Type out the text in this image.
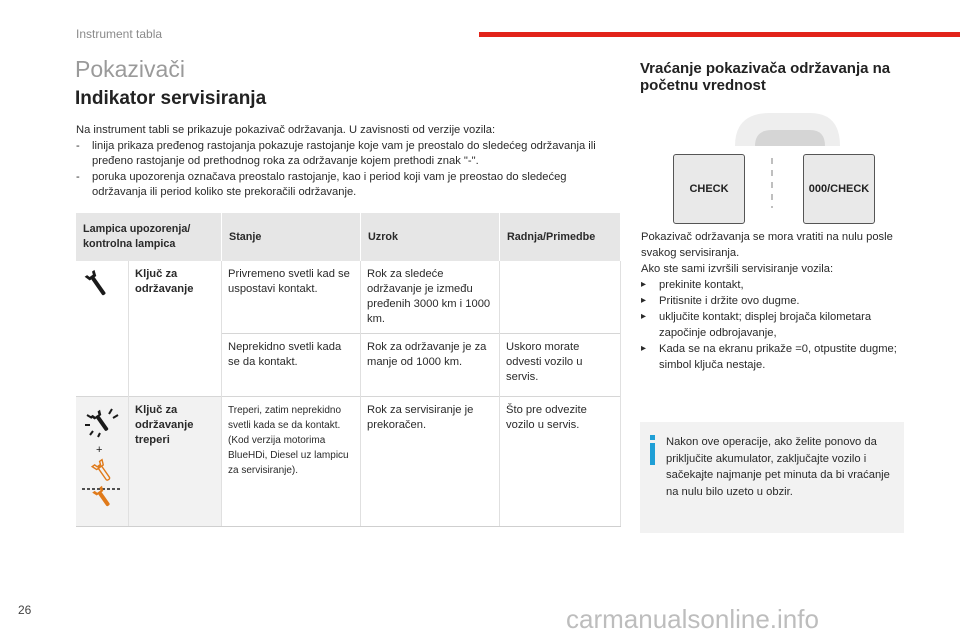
Instrument tabla
Pokazivači
Indikator servisiranja
Na instrument tabli se prikazuje pokazivač održavanja. U zavisnosti od verzije vozila:
-	linija prikaza pređenog rastojanja pokazuje rastojanje koje vam je preostalo do sledećeg održavanja ili pređeno rastojanje od prethodnog roka za održavanje kojem prethodi znak "-".
-	poruka upozorenja označava preostalo rastojanje, kao i period koji vam je preostao do sledećeg održavanja ili period koliko ste prekoračili održavanje.
Lampica upozorenja/ kontrolna lampica		Stanje	Uzrok	Radnja/Primedbe
	Ključ za održavanje	Privremeno svetli kad se uspostavi kontakt.	Rok za sledeće održavanje je između pređenih 3000 km i 1000 km.	
		Neprekidno svetli kada se da kontakt.	Rok za održavanje je za manje od 1000 km.	Uskoro morate odvesti vozilo u servis.

+	Ključ za održavanje treperi	Treperi, zatim neprekidno svetli kada se da kontakt. (Kod verzija motorima BlueHDi, Diesel uz lampicu za servisiranje).	Rok za servisiranje je prekoračen.	Što pre odvezite vozilo u servis.
Vraćanje pokazivača održavanja na početnu vrednost
CHECK	000/CHECK
Pokazivač održavanja se mora vratiti na nulu posle svakog servisiranja.
Ako ste sami izvršili servisiranje vozila:
▸	prekinite kontakt,
▸	Pritisnite i držite ovo dugme.
▸	uključite kontakt; displej brojača kilometara započinje odbrojavanje,
▸	Kada se na ekranu prikaže =0, otpustite dugme; simbol ključa nestaje.
Nakon ove operacije, ako želite ponovo da priključite akumulator, zaključajte vozilo i sačekajte najmanje pet minuta da bi vraćanje na nulu bilo uzeto u obzir.
26	carmanualsonline.info
